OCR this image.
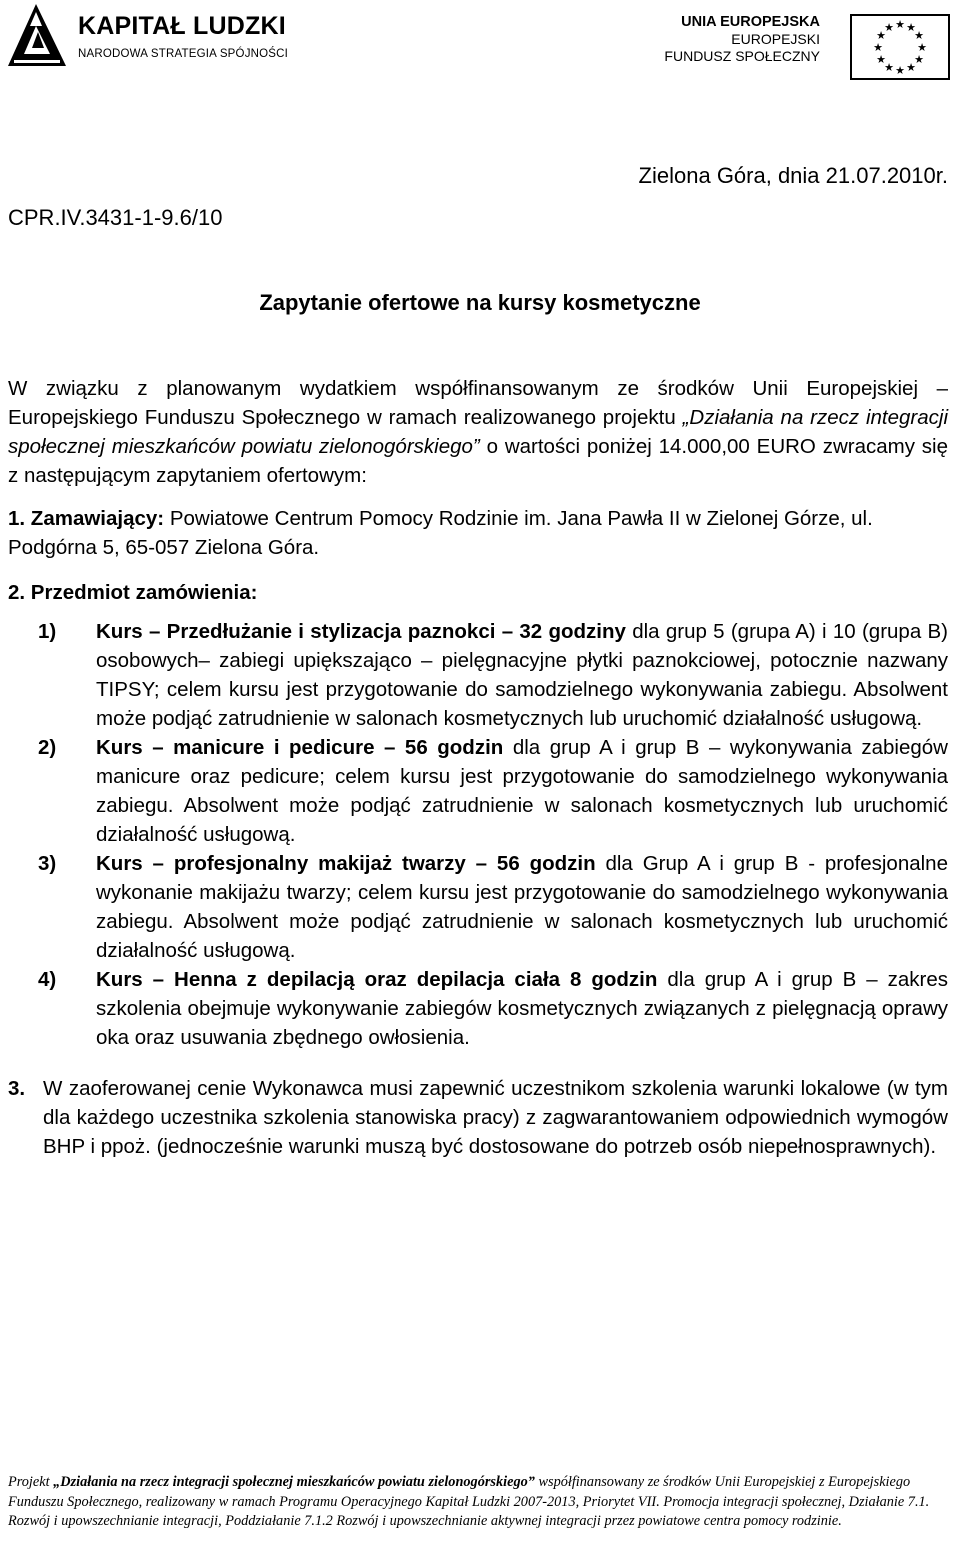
KAPITAŁ LUDZKI
NARODOWA STRATEGIA SPÓJNOŚCI
UNIA EUROPEJSKA
EUROPEJSKI
FUNDUSZ SPOŁECZNY
★ ★
★
★
★
★
★
★
★
★
★
★
CPR.IV.3431-1-9.6/10
Zielona Góra, dnia 21.07.2010r.
Zapytanie ofertowe na kursy kosmetyczne

W związku z planowanym wydatkiem współfinansowanym ze środków Unii Europejskiej – Europejskiego Funduszu Społecznego w ramach realizowanego projektu „Działania na rzecz integracji społecznej mieszkańców powiatu zielonogórskiego” o wartości poniżej 14.000,00 EURO zwracamy się z następującym zapytaniem ofertowym:

1. Zamawiający: Powiatowe Centrum Pomocy Rodzinie im. Jana Pawła II w Zielonej Górze, ul. Podgórna 5, 65-057 Zielona Góra.

2. Przedmiot zamówienia:

1) Kurs – Przedłużanie i stylizacja paznokci – 32 godziny dla grup 5 (grupa A) i 10 (grupa B) osobowych– zabiegi upiększająco – pielęgnacyjne płytki paznokciowej, potocznie nazwany TIPSY; celem kursu jest przygotowanie do samodzielnego wykonywania zabiegu. Absolwent może podjąć zatrudnienie w salonach kosmetycznych lub uruchomić działalność usługową.
2) Kurs – manicure i pedicure – 56 godzin dla grup A i grup B – wykonywania zabiegów manicure oraz pedicure; celem kursu jest przygotowanie do samodzielnego wykonywania zabiegu. Absolwent może podjąć zatrudnienie w salonach kosmetycznych lub uruchomić działalność usługową.
3) Kurs – profesjonalny makijaż twarzy – 56 godzin dla Grup A i grup B - profesjonalne wykonanie makijażu twarzy; celem kursu jest przygotowanie do samodzielnego wykonywania zabiegu. Absolwent może podjąć zatrudnienie w salonach kosmetycznych lub uruchomić działalność usługową.
4) Kurs – Henna z depilacją oraz depilacja ciała 8 godzin dla grup A i grup B – zakres szkolenia obejmuje wykonywanie zabiegów kosmetycznych związanych z pielęgnacją oprawy oka oraz usuwania zbędnego owłosienia.

3. W zaoferowanej cenie Wykonawca musi zapewnić uczestnikom szkolenia warunki lokalowe (w tym dla każdego uczestnika szkolenia stanowiska pracy) z zagwarantowaniem odpowiednich wymogów BHP i ppoż. (jednocześnie warunki muszą być dostosowane do potrzeb osób niepełnosprawnych).

Projekt „Działania na rzecz integracji społecznej mieszkańców powiatu zielonogórskiego” współfinansowany ze środków Unii Europejskiej z Europejskiego Funduszu Społecznego, realizowany w ramach Programu Operacyjnego Kapitał Ludzki 2007-2013, Priorytet VII. Promocja integracji społecznej, Działanie 7.1. Rozwój i upowszechnianie integracji, Poddziałanie 7.1.2 Rozwój i upowszechnianie aktywnej integracji przez powiatowe centra pomocy rodzinie.
